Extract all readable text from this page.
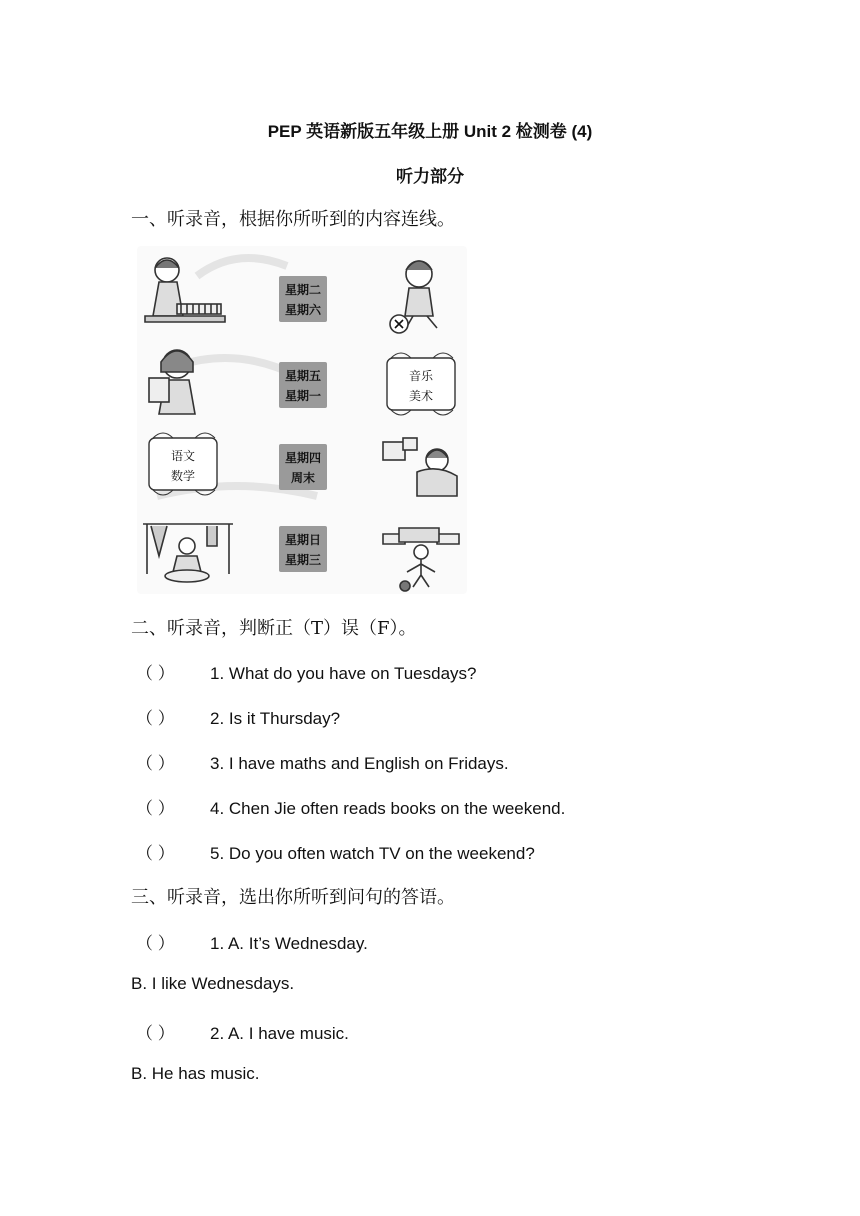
PEP 英语新版五年级上册 Unit 2 检测卷 (4)
听力部分
一、听录音，根据你所听到的内容连线。
星期二
星期六
星期五
星期一
音乐
美术
语文
数学
星期四
周末
星期日
星期三
二、听录音，判断正（T）误（F）。
（ ） 1. What do you have on Tuesdays?
（ ） 2. Is it Thursday?
（ ） 3. I have maths and English on Fridays.
（ ） 4. Chen Jie often reads books on the weekend.
（ ） 5. Do you often watch TV on the weekend?
三、听录音，选出你所听到问句的答语。
（ ） 1. A. It’s Wednesday.
B. I like Wednesdays.
（ ） 2. A. I have music.
B. He has music.
